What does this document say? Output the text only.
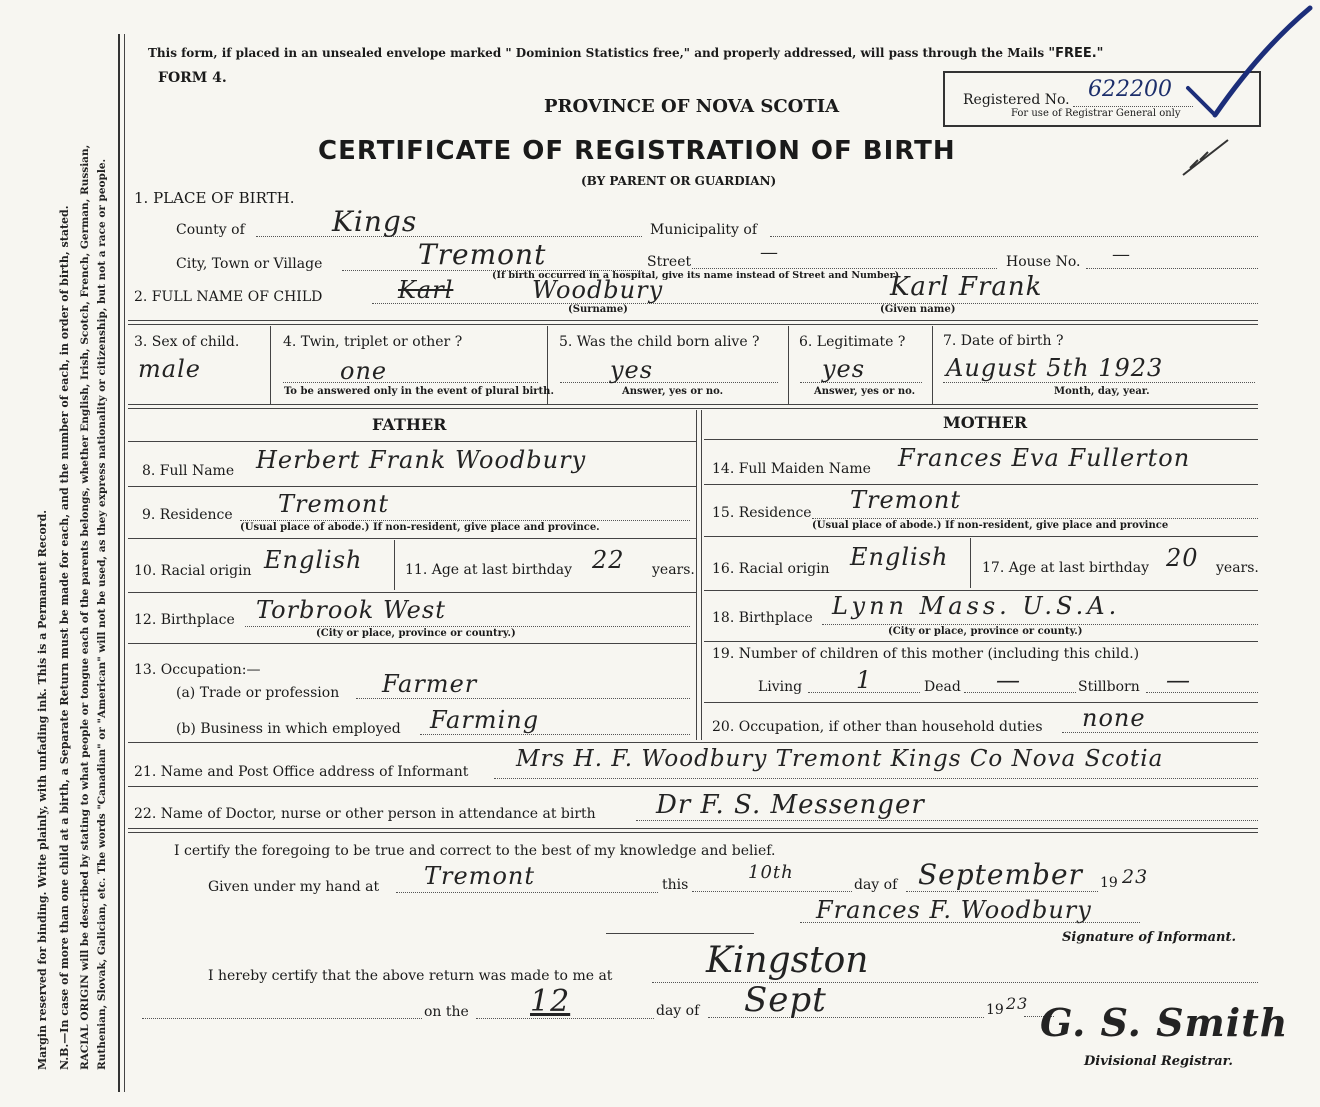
Margin reserved for binding. Write plainly, with unfading ink. This is a Permanent Record. N.B.—In case of more than one child at a birth, a Separate Return must be made for each, and the number of each, in order of birth, stated. RACIAL ORIGIN will be described by stating to what people or tongue each of the parents belongs, whether English, Irish, Scotch, French, German, Russian, Ruthenian, Slovak, Galician, etc. The words "Canadian" or "American" will not be used, as they express nationality or citizenship, but not a race or people.
This form, if placed in an unsealed envelope marked " Dominion Statistics free," and properly addressed, will pass through the Mails "FREE."
FORM 4.
PROVINCE OF NOVA SCOTIA
CERTIFICATE OF REGISTRATION OF BIRTH
(BY PARENT OR GUARDIAN)
Registered No. 622200
For use of Registrar General only
1. PLACE OF BIRTH.
County of	Kings	Municipality of
City, Town or Village	Tremont	Street	—	House No. —
(If birth occurred in a hospital, give its name instead of Street and Number)
2. FULL NAME OF CHILD	Karl	Woodbury
(Surname)
Karl Frank
(Given name)
3. Sex of child.
male
4. Twin, triplet or other ?
one
To be answered only in the event of plural birth.
5. Was the child born alive ?
yes
Answer, yes or no.
6. Legitimate ?
yes
Answer, yes or no.
7. Date of birth ?
August 5th 1923
Month, day, year.
FATHER	MOTHER
8. Full Name Herbert Frank Woodbury
9. Residence Tremont
(Usual place of abode.) If non-resident, give place and province.
10. Racial origin English	11. Age at last birthday 22 years.
12. Birthplace Torbrook West
(City or place, province or country.)
13. Occupation:—
(a) Trade or profession Farmer
(b) Business in which employed Farming
14. Full Maiden Name Frances Eva Fullerton
15. Residence Tremont
(Usual place of abode.) If non-resident, give place and province
16. Racial origin English 17. Age at last birthday 20 years.
18. Birthplace Lynn Mass. U.S.A.
(City or place, province or county.)
19. Number of children of this mother (including this child.)
Living 1	Dead —	Stillborn —
20. Occupation, if other than household duties none
21. Name and Post Office address of Informant Mrs H. F. Woodbury Tremont Kings Co Nova Scotia
22. Name of Doctor, nurse or other person in attendance at birth Dr F. S. Messenger
I certify the foregoing to be true and correct to the best of my knowledge and belief.
Given under my hand at Tremont	this
10th
day of September 19 23
Frances F. Woodbury
Signature of Informant.
I hereby certify that the above return was made to me at	Kingston
on the 12	day of Sept	19 23 G. S. Smith
Divisional Registrar.
